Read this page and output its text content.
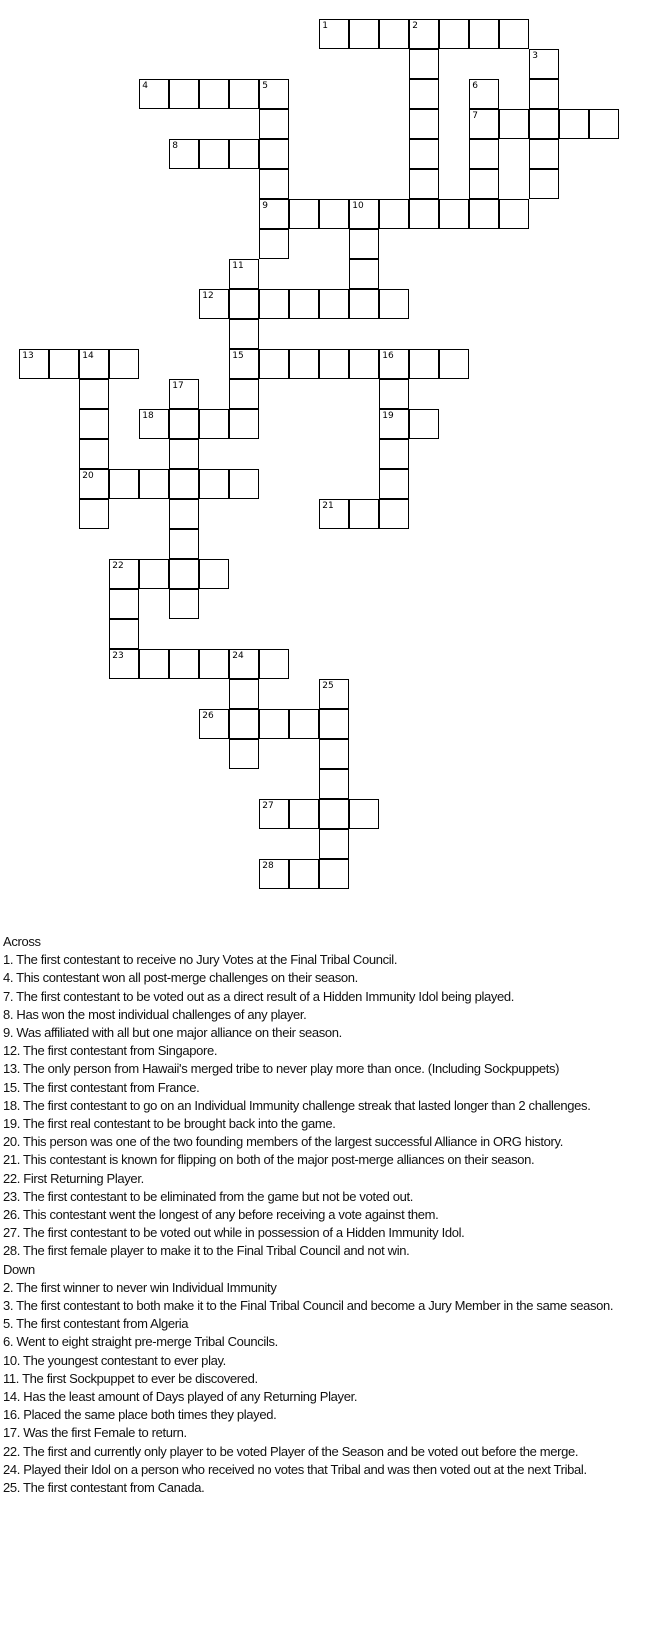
1	2
3
4	5
9
6
7
8
10
11
15
12
13	14
20
16
19
17
18
21
22
23	24
25
26
27
28
Across
1. The first contestant to receive no Jury Votes at the Final Tribal Council.
4. This contestant won all post-merge challenges on their season.
7. The first contestant to be voted out as a direct result of a Hidden Immunity Idol being played.
8. Has won the most individual challenges of any player.
9. Was affiliated with all but one major alliance on their season.
12. The first contestant from Singapore.
13. The only person from Hawaii's merged tribe to never play more than once. (Including Sockpuppets)
15. The first contestant from France.
18. The first contestant to go on an Individual Immunity challenge streak that lasted longer than 2 challenges.
19. The first real contestant to be brought back into the game.
20. This person was one of the two founding members of the largest successful Alliance in ORG history.
21. This contestant is known for flipping on both of the major post-merge alliances on their season.
22. First Returning Player.
23. The first contestant to be eliminated from the game but not be voted out.
26. This contestant went the longest of any before receiving a vote against them.
27. The first contestant to be voted out while in possession of a Hidden Immunity Idol.
28. The first female player to make it to the Final Tribal Council and not win.
Down
2. The first winner to never win Individual Immunity
3. The first contestant to both make it to the Final Tribal Council and become a Jury Member in the same season.
5. The first contestant from Algeria
6. Went to eight straight pre-merge Tribal Councils.
10. The youngest contestant to ever play.
11. The first Sockpuppet to ever be discovered.
14. Has the least amount of Days played of any Returning Player.
16. Placed the same place both times they played.
17. Was the first Female to return.
22. The first and currently only player to be voted Player of the Season and be voted out before the merge.
24. Played their Idol on a person who received no votes that Tribal and was then voted out at the next Tribal.
25. The first contestant from Canada.
